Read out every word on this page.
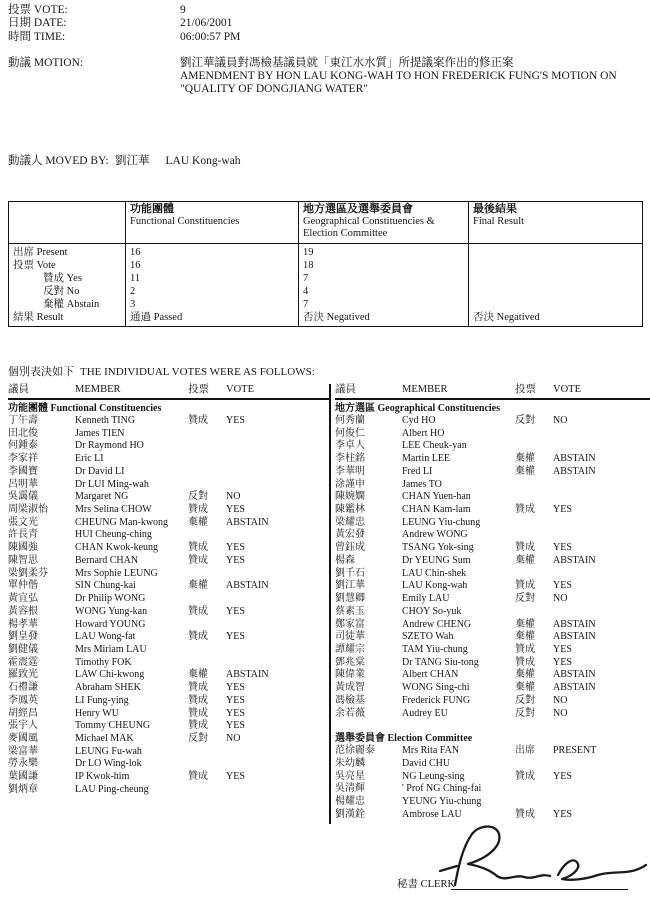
投票 VOTE:	9
日期 DATE:	21/06/2001
時間 TIME:	06:00:57 PM
動議 MOTION:	劉江華議員對馮檢基議員就「東江水水質」所提議案作出的修正案
AMENDMENT BY HON LAU KONG-WAH TO HON FREDERICK FUNG'S MOTION ON
"QUALITY OF DONGJIANG WATER"
動議人 MOVED BY: 劉江華 LAU Kong-wah

功能團體
Functional Constituencies

地方選區及選舉委員會
Geographical Constituencies &
Election Committee

最後結果
Final Result

出席 Present	16	19	
投票 Vote	16	18	
贊成 Yes	11	7	
反對 No	2	4	
棄權 Abstain	3	7	
結果 Result	通過 Passed	否決 Negatived	否決 Negatived
個別表決如下 THE INDIVIDUAL VOTES WERE AS FOLLOWS:
議員	MEMBER	投票	VOTE
功能團體 Functional Constituencies
丁午壽	Kenneth TING	贊成	YES
田北俊	James TIEN
何鍾泰	Dr Raymond HO
李家祥	Eric LI
李國寶	Dr David LI
呂明華	Dr LUI Ming-wah
吳靄儀	Margaret NG	反對	NO
周梁淑怡	Mrs Selina CHOW	贊成	YES
張文光	CHEUNG Man-kwong	棄權	ABSTAIN
許長青	HUI Cheung-ching
陳國強	CHAN Kwok-keung	贊成	YES
陳智思	Bernard CHAN	贊成	YES
梁劉柔芬	Mrs Sophie LEUNG
單仲偕	SIN Chung-kai	棄權	ABSTAIN
黃宜弘	Dr Philip WONG
黃容根	WONG Yung-kan	贊成	YES
楊孝華	Howard YOUNG
劉皇發	LAU Wong-fat	贊成	YES
劉健儀	Mrs Miriam LAU
霍震霆	Timothy FOK
羅致光	LAW Chi-kwong	棄權	ABSTAIN
石禮謙	Abraham SHEK	贊成	YES
李鳳英	LI Fung-ying	贊成	YES
胡經昌	Henry WU	贊成	YES
張宇人	Tommy CHEUNG	贊成	YES
麥國風	Michael MAK	反對	NO
梁富華	LEUNG Fu-wah
勞永樂	Dr LO Wing-lok
葉國謙	IP Kwok-him	贊成	YES
劉炳章	LAU Ping-cheung
議員	MEMBER	投票	VOTE
地方選區 Geographical Constituencies
何秀蘭	Cyd HO	反對	NO
何俊仁	Albert HO
李卓人	LEE Cheuk-yan
李柱銘	Martin LEE	棄權	ABSTAIN
李華明	Fred LI	棄權	ABSTAIN
涂謹申	James TO
陳婉嫻	CHAN Yuen-han
陳鑑林	CHAN Kam-lam	贊成	YES
梁耀忠	LEUNG Yiu-chung
黃宏發	Andrew WONG
曾鈺成	TSANG Yok-sing	贊成	YES
楊森	Dr YEUNG Sum	棄權	ABSTAIN
劉千石	LAU Chin-shek
劉江華	LAU Kong-wah	贊成	YES
劉慧卿	Emily LAU	反對	NO
蔡素玉	CHOY So-yuk
鄭家富	Andrew CHENG	棄權	ABSTAIN
司徒華	SZETO Wah	棄權	ABSTAIN
譚耀宗	TAM Yiu-chung	贊成	YES
鄧兆棠	Dr TANG Siu-tong	贊成	YES
陳偉業	Albert CHAN	棄權	ABSTAIN
黃成智	WONG Sing-chi	棄權	ABSTAIN
馮檢基	Frederick FUNG	反對	NO
余若薇	Audrey EU	反對	NO
選舉委員會 Election Committee
范徐麗泰	Mrs Rita FAN	出席	PRESENT
朱幼麟	David CHU
吳亮星	NG Leung-sing	贊成	YES
吳清輝	' Prof NG Ching-fai
楊耀忠	YEUNG Yiu-chung
劉漢銓	Ambrose LAU	贊成	YES
秘書 CLERK
